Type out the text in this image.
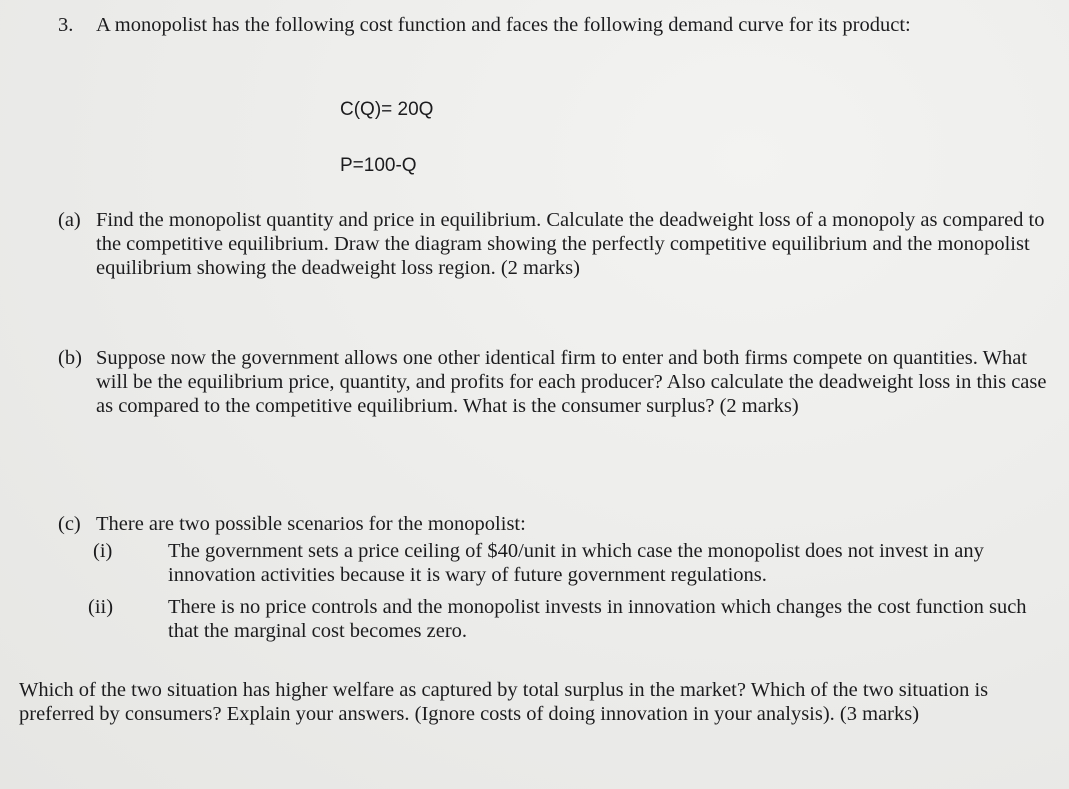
3. A monopolist has the following cost function and faces the following demand curve for its product:
C(Q)= 20Q
P=100-Q
(a) Find the monopolist quantity and price in equilibrium. Calculate the deadweight loss of a monopoly as compared to the competitive equilibrium. Draw the diagram showing the perfectly competitive equilibrium and the monopolist equilibrium showing the deadweight loss region. (2 marks)
(b) Suppose now the government allows one other identical firm to enter and both firms compete on quantities. What will be the equilibrium price, quantity, and profits for each producer? Also calculate the deadweight loss in this case as compared to the competitive equilibrium. What is the consumer surplus? (2 marks)
(c) There are two possible scenarios for the monopolist:
(i)	The government sets a price ceiling of $40/unit in which case the monopolist does not invest in any innovation activities because it is wary of future government regulations.
(ii)	There is no price controls and the monopolist invests in innovation which changes the cost function such that the marginal cost becomes zero.
Which of the two situation has higher welfare as captured by total surplus in the market? Which of the two situation is preferred by consumers? Explain your answers. (Ignore costs of doing innovation in your analysis). (3 marks)
